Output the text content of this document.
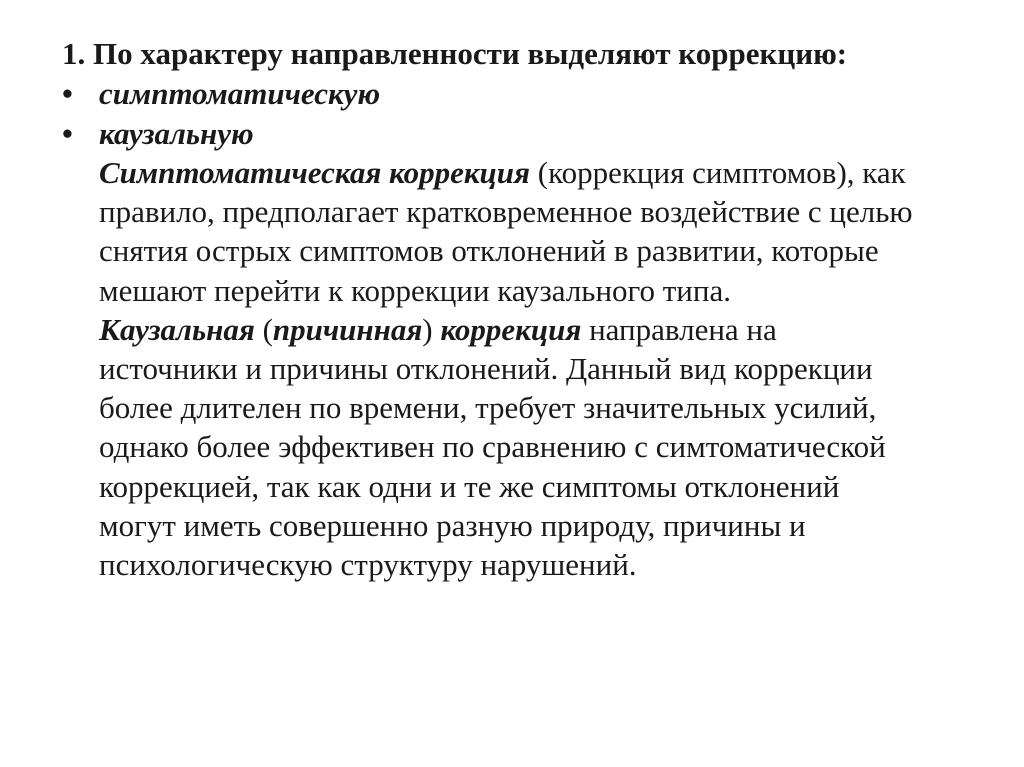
1. По характеру направленности выделяют коррекцию:
• симптоматическую
• каузальную

Симптоматическая коррекция (коррекция симптомов), как
правило, предполагает кратковременное воздействие с целью
снятия острых симптомов отклонений в развитии, которые
мешают перейти к коррекции каузального типа.

Каузальная (причинная) коррекция направлена на
источники и причины отклонений. Данный вид коррекции
более длителен по времени, требует значительных усилий,
однако более эффективен по сравнению с симтоматической
коррекцией, так как одни и те же симптомы отклонений
могут иметь совершенно разную природу, причины и
психологическую структуру нарушений.
